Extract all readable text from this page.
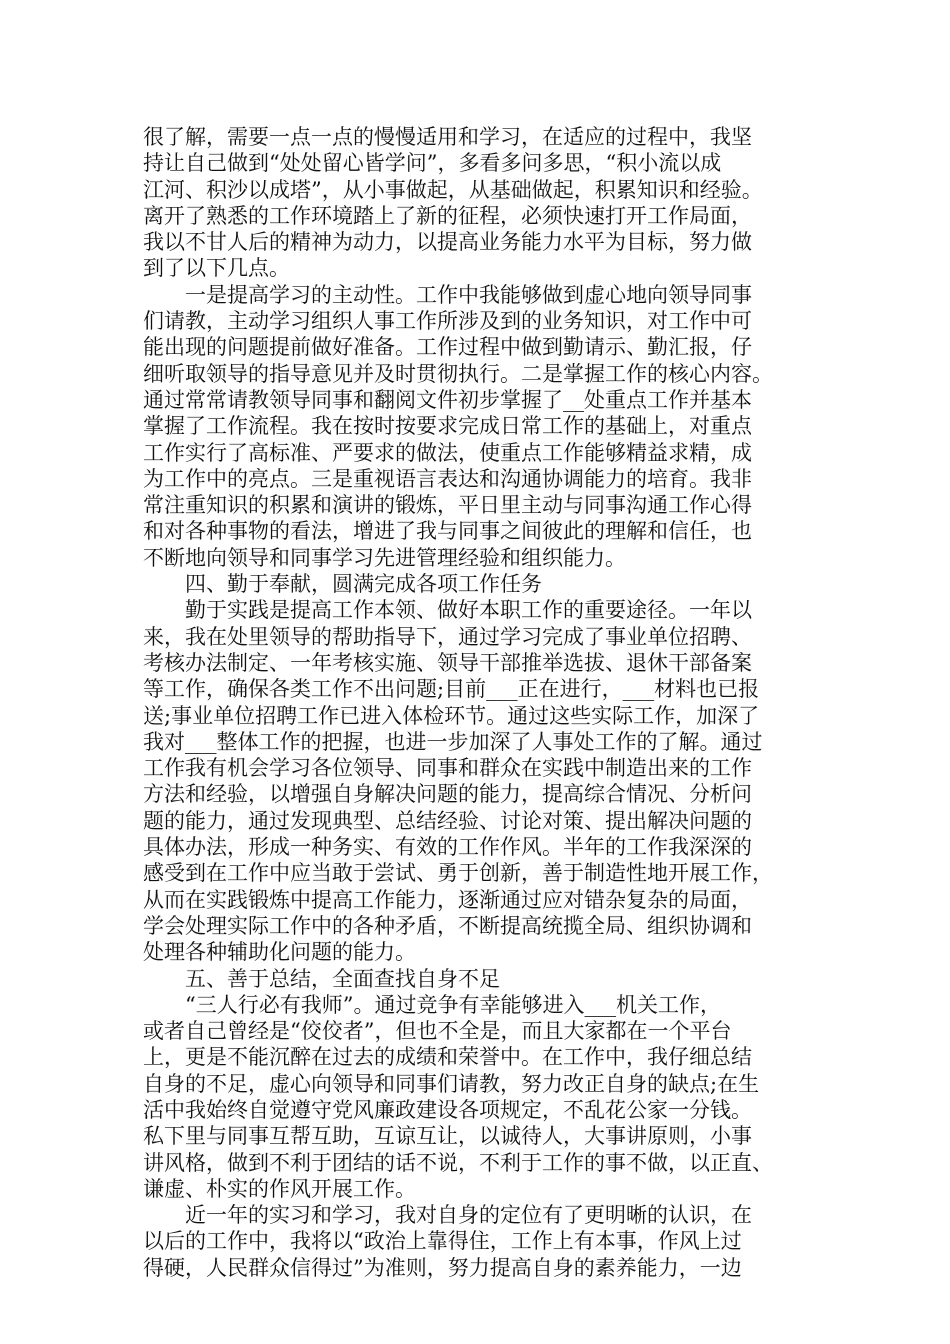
很了解，需要一点一点的慢慢适用和学习，在适应的过程中，我坚
持让自己做到“处处留心皆学问”，多看多问多思，“积小流以成
江河、积沙以成塔”，从小事做起，从基础做起，积累知识和经验。
离开了熟悉的工作环境踏上了新的征程，必须快速打开工作局面，
我以不甘人后的精神为动力，以提高业务能力水平为目标，努力做
到了以下几点。
　　一是提高学习的主动性。工作中我能够做到虚心地向领导同事
们请教，主动学习组织人事工作所涉及到的业务知识，对工作中可
能出现的问题提前做好准备。工作过程中做到勤请示、勤汇报，仔
细听取领导的指导意见并及时贯彻执行。二是掌握工作的核心内容。
通过常常请教领导同事和翻阅文件初步掌握了__处重点工作并基本
掌握了工作流程。我在按时按要求完成日常工作的基础上，对重点
工作实行了高标准、严要求的做法，使重点工作能够精益求精，成
为工作中的亮点。三是重视语言表达和沟通协调能力的培育。我非
常注重知识的积累和演讲的锻炼，平日里主动与同事沟通工作心得
和对各种事物的看法，增进了我与同事之间彼此的理解和信任，也
不断地向领导和同事学习先进管理经验和组织能力。
　　四、勤于奉献，圆满完成各项工作任务
　　勤于实践是提高工作本领、做好本职工作的重要途径。一年以
来，我在处里领导的帮助指导下，通过学习完成了事业单位招聘、
考核办法制定、一年考核实施、领导干部推举选拔、退休干部备案
等工作，确保各类工作不出问题;目前___正在进行，___材料也已报
送;事业单位招聘工作已进入体检环节。通过这些实际工作，加深了
我对___整体工作的把握，也进一步加深了人事处工作的了解。通过
工作我有机会学习各位领导、同事和群众在实践中制造出来的工作
方法和经验，以增强自身解决问题的能力，提高综合情况、分析问
题的能力，通过发现典型、总结经验、讨论对策、提出解决问题的
具体办法，形成一种务实、有效的工作作风。半年的工作我深深的
感受到在工作中应当敢于尝试、勇于创新，善于制造性地开展工作，
从而在实践锻炼中提高工作能力，逐渐通过应对错杂复杂的局面，
学会处理实际工作中的各种矛盾，不断提高统揽全局、组织协调和
处理各种辅助化问题的能力。
　　五、善于总结，全面查找自身不足
　　“三人行必有我师”。通过竞争有幸能够进入___机关工作，
或者自己曾经是“佼佼者”，但也不全是，而且大家都在一个平台
上，更是不能沉醉在过去的成绩和荣誉中。在工作中，我仔细总结
自身的不足，虚心向领导和同事们请教，努力改正自身的缺点;在生
活中我始终自觉遵守党风廉政建设各项规定，不乱花公家一分钱。
私下里与同事互帮互助，互谅互让，以诚待人，大事讲原则，小事
讲风格，做到不利于团结的话不说，不利于工作的事不做，以正直、
谦虚、朴实的作风开展工作。
　　近一年的实习和学习，我对自身的定位有了更明晰的认识，在
以后的工作中，我将以“政治上靠得住，工作上有本事，作风上过
得硬，人民群众信得过”为准则，努力提高自身的素养能力，一边
